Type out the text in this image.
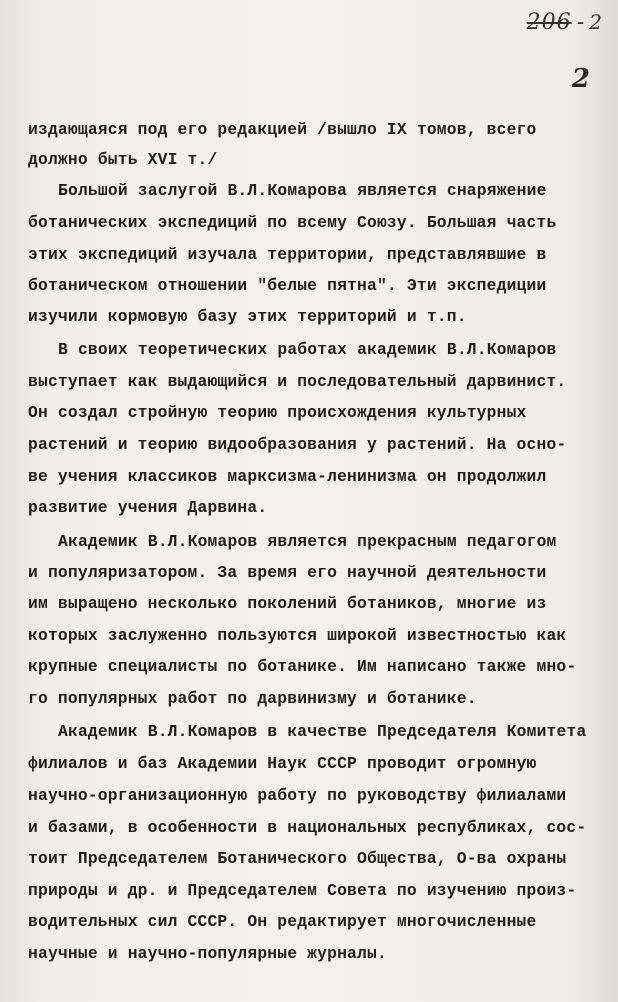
206 - 2
2
издающаяся под его редакцией /вышло IX томов, всего
должно быть XVI т./
Большой заслугой В.Л.Комарова является снаряжение
ботанических экспедиций по всему Союзу. Большая часть
этих экспедиций изучала территории, представлявшие в
ботаническом отношении "белые пятна". Эти экспедиции
изучили кормовую базу этих территорий и т.п.
В своих теоретических работах академик В.Л.Комаров
выступает как выдающийся и последовательный дарвинист.
Он создал стройную теорию происхождения культурных
растений и теорию видообразования у растений. На осно-
ве учения классиков марксизма-ленинизма он продолжил
развитие учения Дарвина.
Академик В.Л.Комаров является прекрасным педагогом
и популяризатором. За время его научной деятельности
им выращено несколько поколений ботаников, многие из
которых заслуженно пользуются широкой известностью как
крупные специалисты по ботанике. Им написано также мно-
го популярных работ по дарвинизму и ботанике.
Академик В.Л.Комаров в качестве Председателя Комитета
филиалов и баз Академии Наук СССР проводит огромную
научно-организационную работу по руководству филиалами
и базами, в особенности в национальных республиках, сос-
тоит Председателем Ботанического Общества, О-ва охраны
природы и др. и Председателем Совета по изучению произ-
водительных сил СССР. Он редактирует многочисленные
научные и научно-популярные журналы.
